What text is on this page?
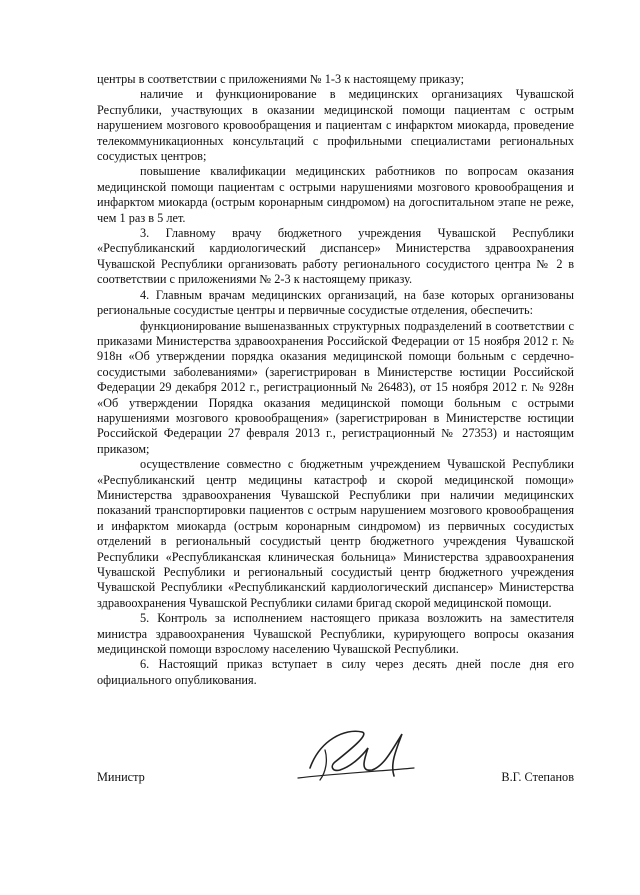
центры в соответствии с приложениями № 1-3 к настоящему приказу;

наличие и функционирование в медицинских организациях Чувашской Республики, участвующих в оказании медицинской помощи пациентам с острым нарушением мозгового кровообращения и пациентам с инфарктом миокарда, проведение телекоммуникационных консультаций с профильными специалистами региональных сосудистых центров;

повышение квалификации медицинских работников по вопросам оказания медицинской помощи пациентам с острыми нарушениями мозгового кровообращения и инфарктом миокарда (острым коронарным синдромом) на догоспитальном этапе не реже, чем 1 раз в 5 лет.

3. Главному врачу бюджетного учреждения Чувашской Республики «Республиканский кардиологический диспансер» Министерства здравоохранения Чувашской Республики организовать работу регионального сосудистого центра № 2 в соответствии с приложениями № 2-3 к настоящему приказу.

4. Главным врачам медицинских организаций, на базе которых организованы региональные сосудистые центры и первичные сосудистые отделения, обеспечить:

функционирование вышеназванных структурных подразделений в соответствии с приказами Министерства здравоохранения Российской Федерации от 15 ноября 2012 г. № 918н «Об утверждении порядка оказания медицинской помощи больным с сердечно-сосудистыми заболеваниями» (зарегистрирован в Министерстве юстиции Российской Федерации 29 декабря 2012 г., регистрационный № 26483), от 15 ноября 2012 г. № 928н «Об утверждении Порядка оказания медицинской помощи больным с острыми нарушениями мозгового кровообращения» (зарегистрирован в Министерстве юстиции Российской Федерации 27 февраля 2013 г., регистрационный № 27353) и настоящим приказом;

осуществление совместно с бюджетным учреждением Чувашской Республики «Республиканский центр медицины катастроф и скорой медицинской помощи» Министерства здравоохранения Чувашской Республики при наличии медицинских показаний транспортировки пациентов с острым нарушением мозгового кровообращения и инфарктом миокарда (острым коронарным синдромом) из первичных сосудистых отделений в региональный сосудистый центр бюджетного учреждения Чувашской Республики «Республиканская клиническая больница» Министерства здравоохранения Чувашской Республики и региональный сосудистый центр бюджетного учреждения Чувашской Республики «Республиканский кардиологический диспансер» Министерства здравоохранения Чувашской Республики силами бригад скорой медицинской помощи.

5. Контроль за исполнением настоящего приказа возложить на заместителя министра здравоохранения Чувашской Республики, курирующего вопросы оказания медицинской помощи взрослому населению Чувашской Республики.

6. Настоящий приказ вступает в силу через десять дней после дня его официального опубликования.

Министр	В.Г. Степанов
